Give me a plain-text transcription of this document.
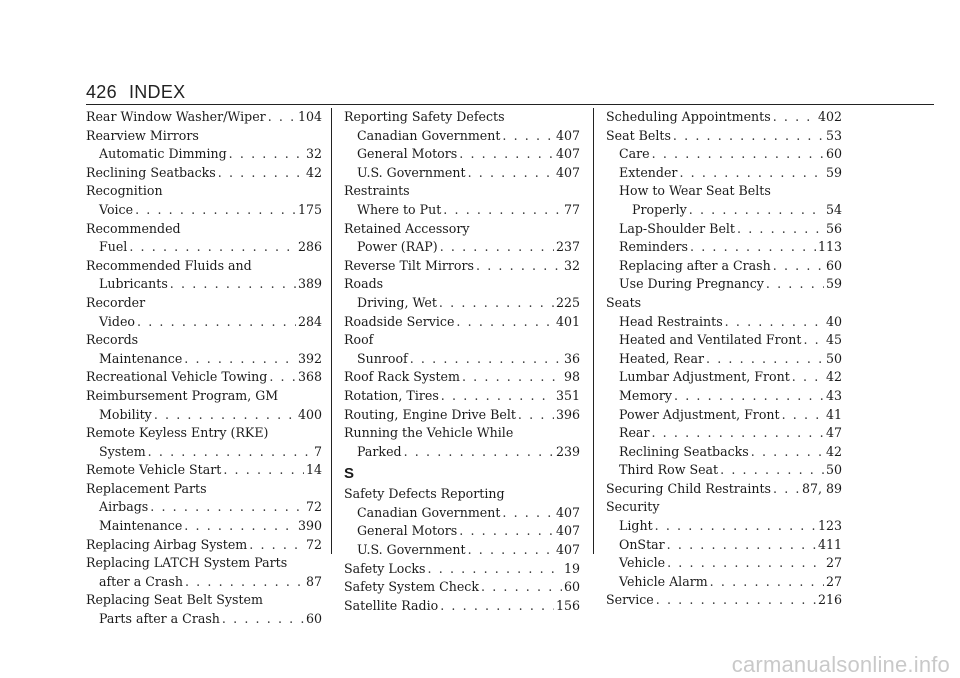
426 INDEX
Rear Window Washer/Wiper . . .	104
Rearview Mirrors
Automatic Dimming . . .	32
Reclining Seatbacks . . .	42
Recognition
Voice . . .	175
Recommended
Fuel . . .	286
Recommended Fluids and
Lubricants . . .	389
Recorder
Video . . .	284
Records
Maintenance . . .	392
Recreational Vehicle Towing . . . 368
Reimbursement Program, GM
Mobility . . .	400
Remote Keyless Entry (RKE)
System . . .	7
Remote Vehicle Start . . .	14
Replacement Parts
Airbags . . .	72
Maintenance . . .	390
Replacing Airbag System . . .	72
Replacing LATCH System Parts
after a Crash . . .	87
Replacing Seat Belt System
Parts after a Crash . . .	60
Reporting Safety Defects
Canadian Government . . .	407
General Motors . . .	407
U.S. Government . . .	407
Restraints
Where to Put . . .	77
Retained Accessory
Power (RAP) . . .	237
Reverse Tilt Mirrors . . .	32
Roads
Driving, Wet . . .	225
Roadside Service . . .	401
Roof
Sunroof . . .	36
Roof Rack System . . .	98
Rotation, Tires . . .	351
Routing, Engine Drive Belt . . .	396
Running the Vehicle While
Parked . . .	239
S
Safety Defects Reporting
Canadian Government . . .	407
General Motors . . .	407
U.S. Government . . .	407
Safety Locks . . .	19
Safety System Check . . .	60
Satellite Radio . . .	156
Scheduling Appointments . . .	402
Seat Belts . . .	53
Care . . .	60
Extender . . .	59
How to Wear Seat Belts
Properly . . .	54
Lap-Shoulder Belt . . .	56
Reminders . . .	113
Replacing after a Crash . . .	60
Use During Pregnancy . . .	59
Seats
Head Restraints . . .	40
Heated and Ventilated Front . . . 45
Heated, Rear . . .	50
Lumbar Adjustment, Front . . .	42
Memory . . .	43
Power Adjustment, Front . . .	41
Rear . . .	47
Reclining Seatbacks . . .	42
Third Row Seat . . .	50
Securing Child Restraints . . . 87, 89
Security
Light . . .	123
OnStar . . .	411
Vehicle . . .	27
Vehicle Alarm . . .	27
Service . . .	216
carmanualsonline.info
